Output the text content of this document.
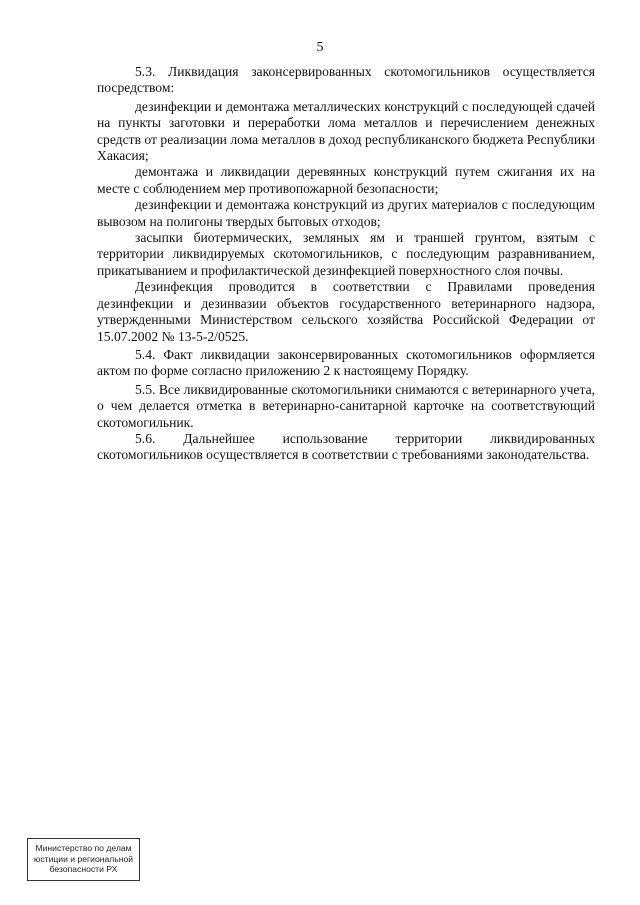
5

5.3. Ликвидация законсервированных скотомогильников осуществляется посредством:

дезинфекции и демонтажа металлических конструкций с последующей сдачей на пункты заготовки и переработки лома металлов и перечислением денежных средств от реализации лома металлов в доход республиканского бюджета Республики Хакасия;

демонтажа и ликвидации деревянных конструкций путем сжигания их на месте с соблюдением мер противопожарной безопасности;

дезинфекции и демонтажа конструкций из других материалов с последующим вывозом на полигоны твердых бытовых отходов;

засыпки биотермических, земляных ям и траншей грунтом, взятым с территории ликвидируемых скотомогильников, с последующим разравниванием, прикатыванием и профилактической дезинфекцией поверхностного слоя почвы.

Дезинфекция проводится в соответствии с Правилами проведения дезинфекции и дезинвазии объектов государственного ветеринарного надзора, утвержденными Министерством сельского хозяйства Российской Федерации от 15.07.2002 № 13-5-2/0525.

5.4. Факт ликвидации законсервированных скотомогильников оформляется актом по форме согласно приложению 2 к настоящему Порядку.

5.5. Все ликвидированные скотомогильники снимаются с ветеринарного учета, о чем делается отметка в ветеринарно-санитарной карточке на соответствующий скотомогильник.

5.6. Дальнейшее использование территории ликвидированных скотомогильников осуществляется в соответствии с требованиями законодательства.

Министерство по делам
юстиции и региональной
безопасности РХ
